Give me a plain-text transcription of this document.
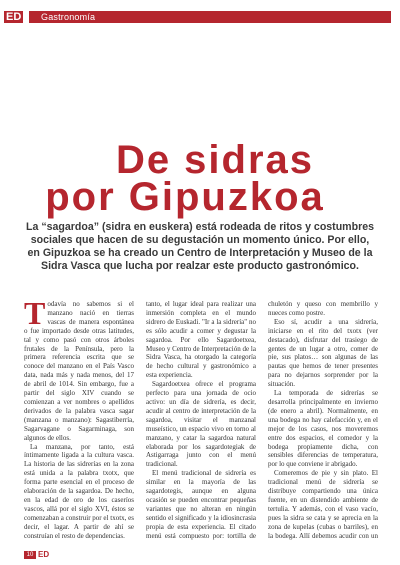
ED Gastronomía
De sidras
por Gipuzkoa
La “sagardoa” (sidra en euskera) está rodeada de ritos y costumbres sociales que hacen de su degustación un momento único. Por ello, en Gipuzkoa se ha creado un Centro de Interpretación y Museo de la Sidra Vasca que lucha por realzar este producto gastronómico.

Todavía no sabemos si el manzano nació en tierras vascas de manera espontánea o fue importado desde otras latitudes, tal y como pasó con otros árboles frutales de la Península, pero la primera referencia escrita que se conoce del manzano en el País Vasco data, nada más y nada menos, del 17 de abril de 1014. Sin embargo, fue a partir del siglo XIV cuando se comienzan a ver nombres o apellidos derivados de la palabra vasca sagar (manzana o manzano): Sagastiberría, Sagarvagane o Sagarminaga, son algunos de ellos.

La manzana, por tanto, está íntimamente ligada a la cultura vasca. La historia de las sidrerías en la zona está unida a la palabra txotx, que forma parte esencial en el proceso de elaboración de la sagardoa. De hecho, en la edad de oro de los caseríos vascos, allá por el siglo XVI, éstos se comenzaban a construir por el txotx, es decir, el lagar. A partir de ahí se construían el resto de dependencias.

tanto, el lugar ideal para realizar una inmersión completa en el mundo sidrero de Euskadi. "Ir a la sidrería" no es sólo acudir a comer y degustar la sagardoa. Por ello Sagardoetxea, Museo y Centro de Interpretación de la Sidra Vasca, ha otorgado la categoría de hecho cultural y gastronómico a esta experiencia.

Sagardoetxea ofrece el programa perfecto para una jornada de ocio activo: un día de sidrería, es decir, acudir al centro de interpretación de la sagardoa, visitar el manzanal museístico, un espacio vivo en torno al manzano, y catar la sagardoa natural elaborada por los sagardotegiak de Astigarraga junto con el menú tradicional.

El menú tradicional de sidrería es similar en la mayoría de las sagardotegis, aunque en alguna ocasión se pueden encontrar pequeñas variantes que no alteran en ningún sentido el significado y la idiosincrasia propia de esta experiencia. El citado menú está compuesto por: tortilla de

chuletón y queso con membrillo y nueces como postre.

Eso sí, acudir a una sidrería, iniciarse en el rito del txotx (ver destacado), disfrutar del trasiego de gentes de un lugar a otro, comer de pie, sus platos… son algunas de las pautas que hemos de tener presentes para no dejarnos sorprender por la situación.

La temporada de sidrerías se desarrolla principalmente en invierno (de enero a abril). Normalmente, en una bodega no hay calefacción y, en el mejor de los casos, nos moveremos entre dos espacios, el comedor y la bodega propiamente dicha, con sensibles diferencias de temperatura, por lo que conviene ir abrigado.

Comeremos de pie y sin plato. El tradicional menú de sidrería se distribuye compartiendo una única fuente, en un distendido ambiente de tertulia. Y además, con el vaso vacío, pues la sidra se cata y se aprecia en la zona de kupelas (cubas o barriles), en la bodega. Allí debemos acudir con un

10 ED
